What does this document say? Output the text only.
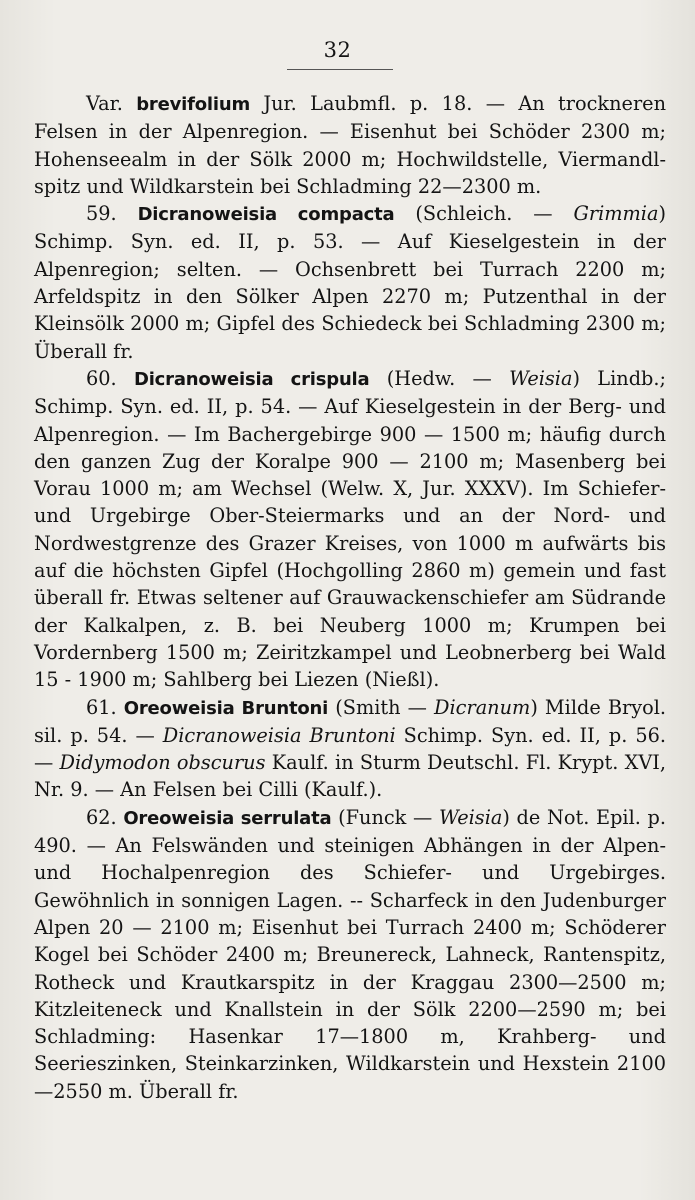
32

Var. brevifolium Jur. Laubmfl. p. 18. — An trockneren Felsen in der Alpenregion. — Eisenhut bei Schöder 2300 m; Hohenseealm in der Sölk 2000 m; Hochwildstelle, Viermandlspitz und Wildkarstein bei Schladming 22—2300 m.

59. Dicranoweisia compacta (Schleich. — Grimmia) Schimp. Syn. ed. II, p. 53. — Auf Kieselgestein in der Alpenregion; selten. — Ochsenbrett bei Turrach 2200 m; Arfeldspitz in den Sölker Alpen 2270 m; Putzenthal in der Kleinsölk 2000 m; Gipfel des Schiedeck bei Schladming 2300 m; Überall fr.

60. Dicranoweisia crispula (Hedw. — Weisia) Lindb.; Schimp. Syn. ed. II, p. 54. — Auf Kieselgestein in der Berg- und Alpenregion. — Im Bachergebirge 900 — 1500 m; häufig durch den ganzen Zug der Koralpe 900 — 2100 m; Masenberg bei Vorau 1000 m; am Wechsel (Welw. X, Jur. XXXV). Im Schiefer- und Urgebirge Ober-Steiermarks und an der Nord- und Nordwestgrenze des Grazer Kreises, von 1000 m aufwärts bis auf die höchsten Gipfel (Hochgolling 2860 m) gemein und fast überall fr. Etwas seltener auf Grauwackenschiefer am Südrande der Kalkalpen, z. B. bei Neuberg 1000 m; Krumpen bei Vordernberg 1500 m; Zeiritzkampel und Leobnerberg bei Wald 15 - 1900 m; Sahlberg bei Liezen (Nießl).

61. Oreoweisia Bruntoni (Smith — Dicranum) Milde Bryol. sil. p. 54. — Dicranoweisia Bruntoni Schimp. Syn. ed. II, p. 56. — Didymodon obscurus Kaulf. in Sturm Deutschl. Fl. Krypt. XVI, Nr. 9. — An Felsen bei Cilli (Kaulf.).

62. Oreoweisia serrulata (Funck — Weisia) de Not. Epil. p. 490. — An Felswänden und steinigen Abhängen in der Alpen- und Hochalpenregion des Schiefer- und Urgebirges. Gewöhnlich in sonnigen Lagen. -- Scharfeck in den Judenburger Alpen 20 — 2100 m; Eisenhut bei Turrach 2400 m; Schöderer Kogel bei Schöder 2400 m; Breunereck, Lahneck, Rantenspitz, Rotheck und Krautkarspitz in der Kraggau 2300—2500 m; Kitzleiteneck und Knallstein in der Sölk 2200—2590 m; bei Schladming: Hasenkar 17—1800 m, Krahberg- und Seerieszinken, Steinkarzinken, Wildkarstein und Hexstein 2100—2550 m. Überall fr.
